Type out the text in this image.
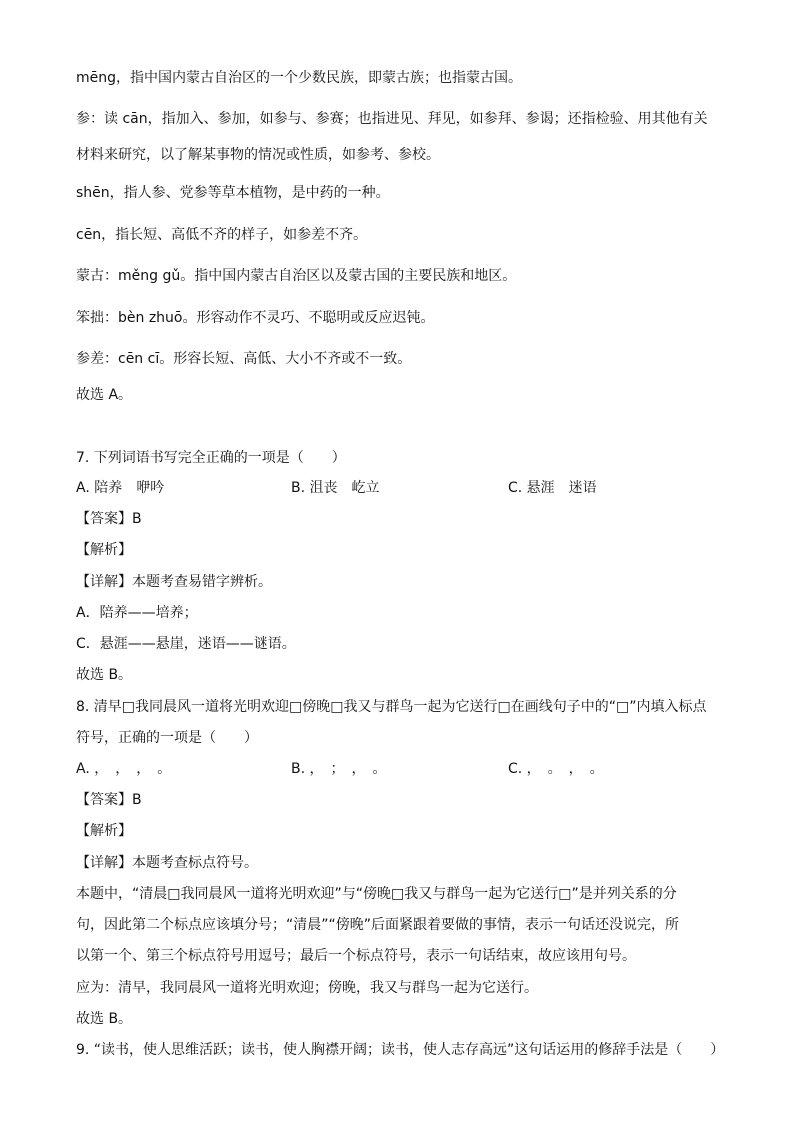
mēng，指中国内蒙古自治区的一个少数民族，即蒙古族；也指蒙古国。
参：读 cān，指加入、参加，如参与、参赛；也指进见、拜见，如参拜、参谒；还指检验、用其他有关
材料来研究，以了解某事物的情况或性质，如参考、参校。
shēn，指人参、党参等草本植物，是中药的一种。
cēn，指长短、高低不齐的样子，如参差不齐。
蒙古：měng gǔ。指中国内蒙古自治区以及蒙古国的主要民族和地区。
笨拙：bèn zhuō。形容动作不灵巧、不聪明或反应迟钝。
参差：cēn cī。形容长短、高低、大小不齐或不一致。
故选 A。
7. 下列词语书写完全正确的一项是（　　）
A. 陪养　咿吟	B. 沮丧　屹立	C. 悬涯　迷语
【答案】B
【解析】
【详解】本题考查易错字辨析。
A．陪养——培养；
C．悬涯——悬崖，迷语——谜语。
故选 B。
8. 清早□我同晨风一道将光明欢迎□傍晚□我又与群鸟一起为它送行□在画线句子中的“□”内填入标点
符号，正确的一项是（　　）
A. ，　，　，　。	B. ，　；　，　。	C. ，　。　，　。
【答案】B
【解析】
【详解】本题考查标点符号。
本题中，“清晨□我同晨风一道将光明欢迎”与“傍晚□我又与群鸟一起为它送行□”是并列关系的分
句，因此第二个标点应该填分号；“清晨”“傍晚”后面紧跟着要做的事情，表示一句话还没说完，所
以第一个、第三个标点符号用逗号；最后一个标点符号，表示一句话结束，故应该用句号。
应为：清早，我同晨风一道将光明欢迎；傍晚，我又与群鸟一起为它送行。
故选 B。
9. “读书，使人思维活跃；读书，使人胸襟开阔；读书，使人志存高远”这句话运用的修辞手法是（　　）
